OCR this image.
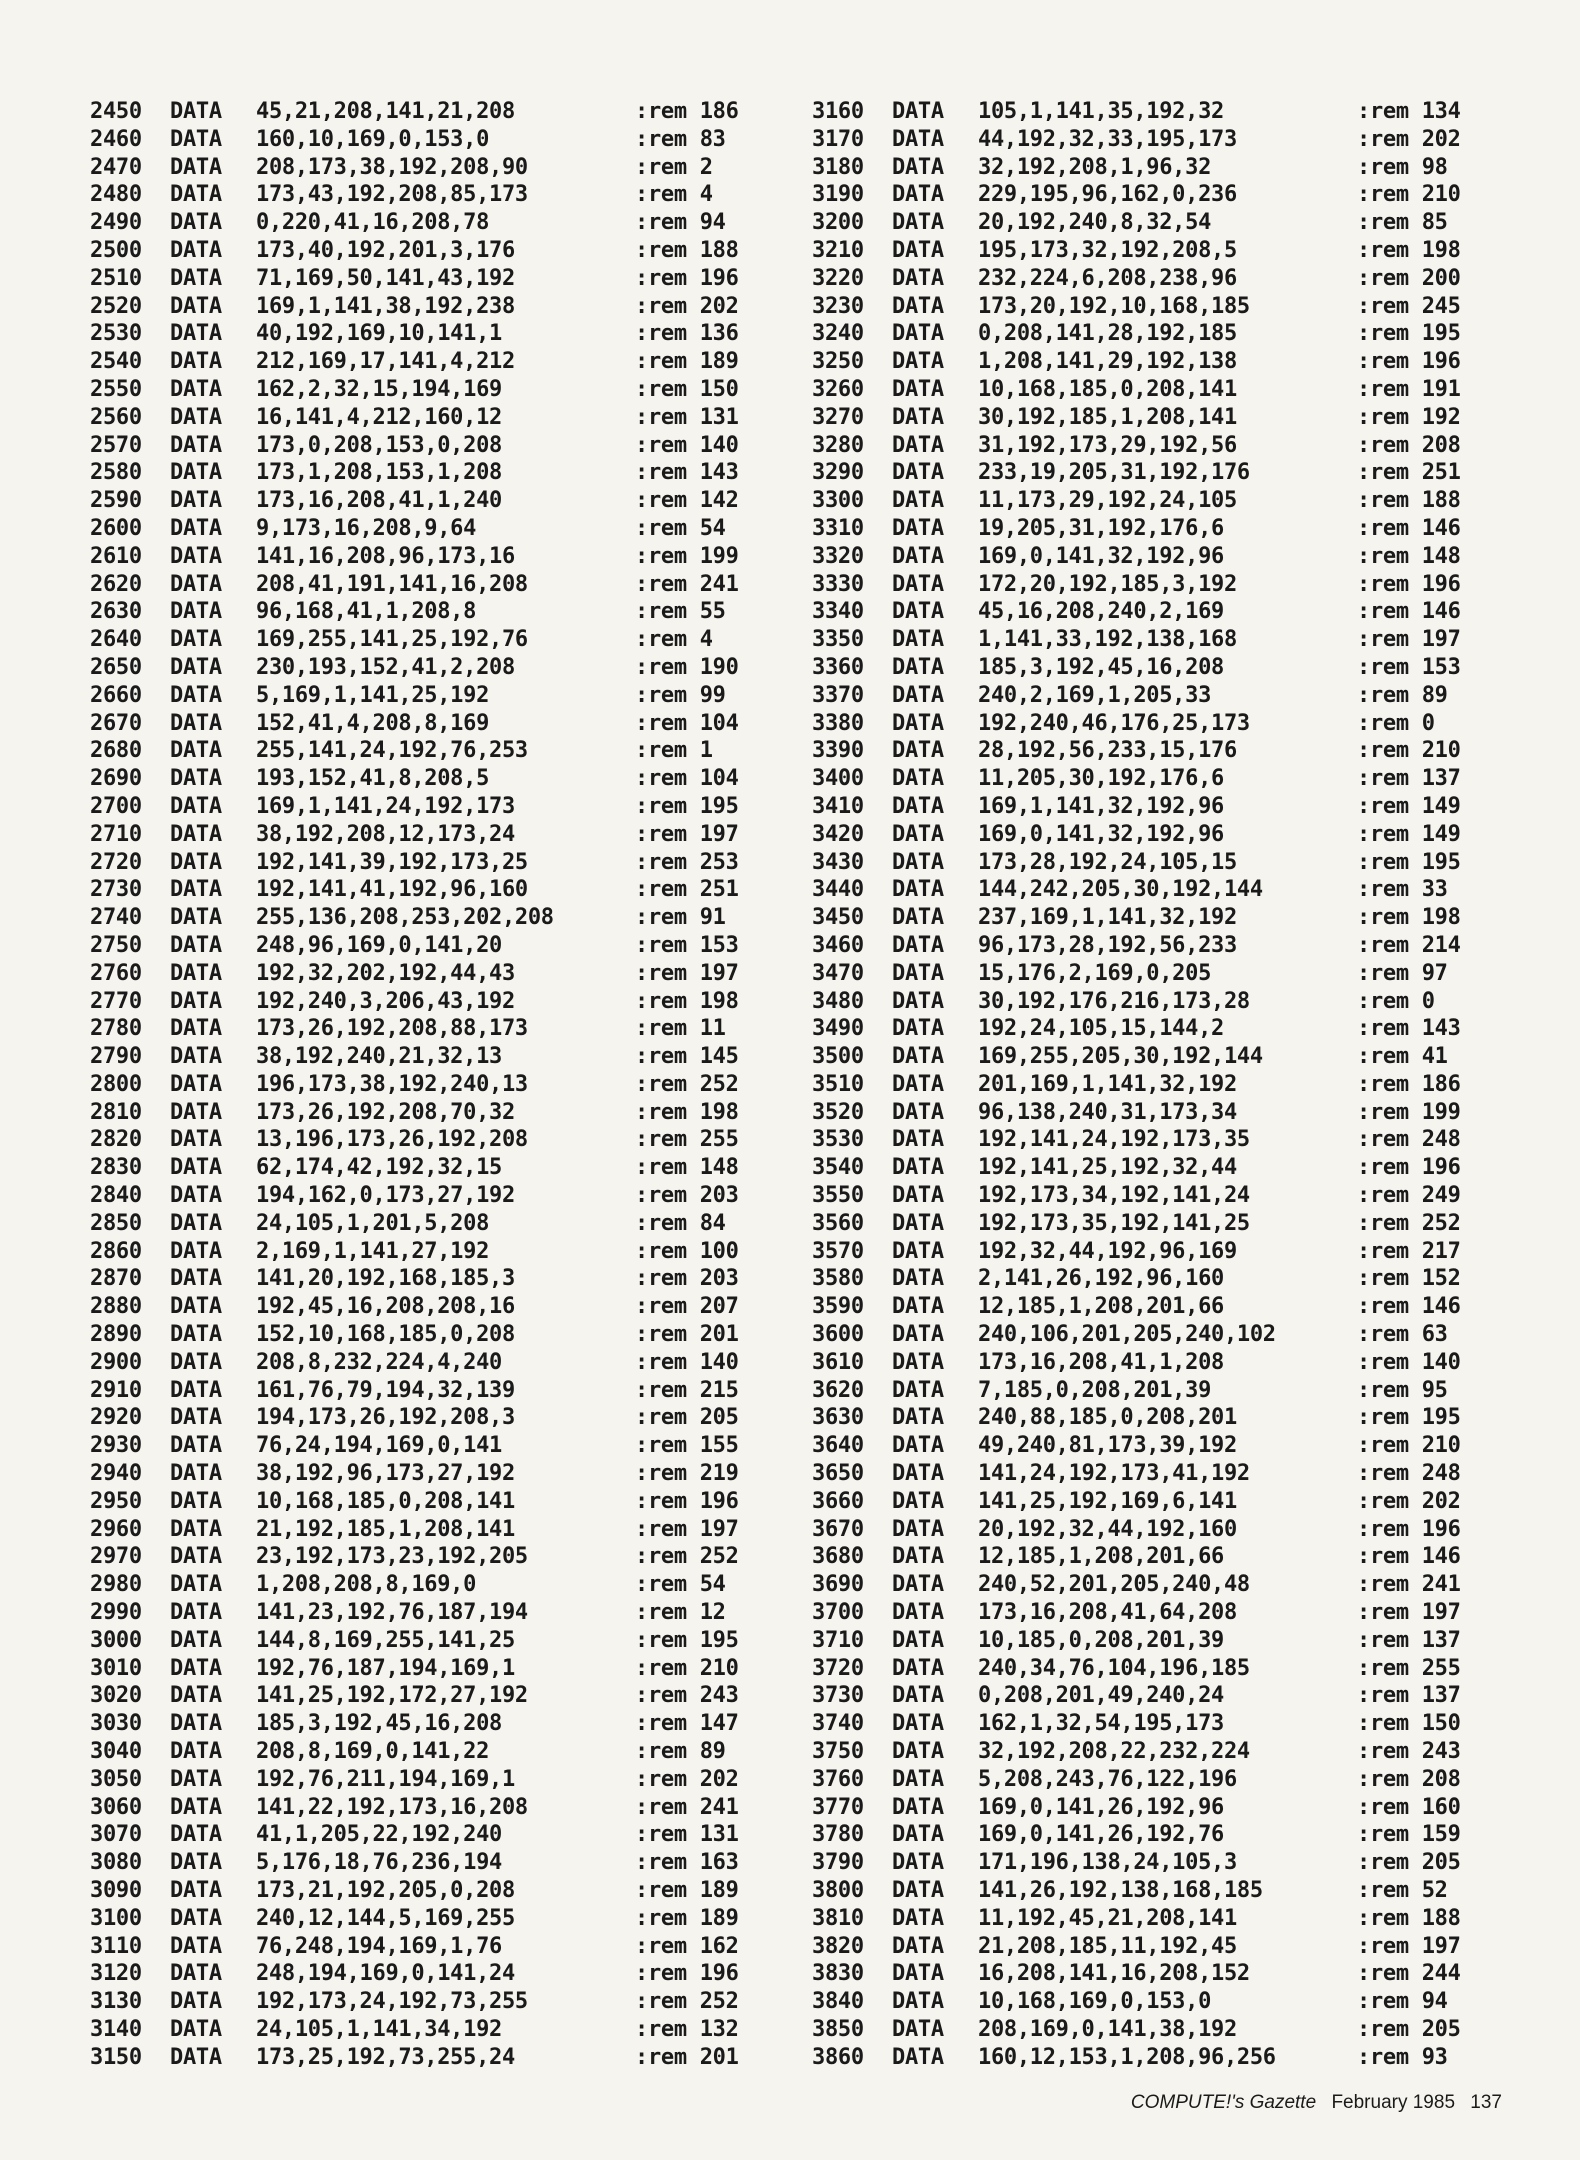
2450 DATA 45,21,208,141,21,208	:rem 186
2460 DATA 160,10,169,0,153,0	:rem 83
2470 DATA 208,173,38,192,208,90	:rem 2
2480 DATA 173,43,192,208,85,173	:rem 4
2490 DATA 0,220,41,16,208,78	:rem 94
2500 DATA 173,40,192,201,3,176	:rem 188
2510 DATA 71,169,50,141,43,192	:rem 196
2520 DATA 169,1,141,38,192,238	:rem 202
2530 DATA 40,192,169,10,141,1	:rem 136
2540 DATA 212,169,17,141,4,212	:rem 189
2550 DATA 162,2,32,15,194,169	:rem 150
2560 DATA 16,141,4,212,160,12	:rem 131
2570 DATA 173,0,208,153,0,208	:rem 140
2580 DATA 173,1,208,153,1,208	:rem 143
2590 DATA 173,16,208,41,1,240	:rem 142
2600 DATA 9,173,16,208,9,64	:rem 54
2610 DATA 141,16,208,96,173,16	:rem 199
2620 DATA 208,41,191,141,16,208	:rem 241
2630 DATA 96,168,41,1,208,8	:rem 55
2640 DATA 169,255,141,25,192,76	:rem 4
2650 DATA 230,193,152,41,2,208	:rem 190
2660 DATA 5,169,1,141,25,192	:rem 99
2670 DATA 152,41,4,208,8,169	:rem 104
2680 DATA 255,141,24,192,76,253	:rem 1
2690 DATA 193,152,41,8,208,5	:rem 104
2700 DATA 169,1,141,24,192,173	:rem 195
2710 DATA 38,192,208,12,173,24	:rem 197
2720 DATA 192,141,39,192,173,25	:rem 253
2730 DATA 192,141,41,192,96,160	:rem 251
2740 DATA 255,136,208,253,202,208	:rem 91
2750 DATA 248,96,169,0,141,20	:rem 153
2760 DATA 192,32,202,192,44,43	:rem 197
2770 DATA 192,240,3,206,43,192	:rem 198
2780 DATA 173,26,192,208,88,173	:rem 11
2790 DATA 38,192,240,21,32,13	:rem 145
2800 DATA 196,173,38,192,240,13	:rem 252
2810 DATA 173,26,192,208,70,32	:rem 198
2820 DATA 13,196,173,26,192,208	:rem 255
2830 DATA 62,174,42,192,32,15	:rem 148
2840 DATA 194,162,0,173,27,192	:rem 203
2850 DATA 24,105,1,201,5,208	:rem 84
2860 DATA 2,169,1,141,27,192	:rem 100
2870 DATA 141,20,192,168,185,3	:rem 203
2880 DATA 192,45,16,208,208,16	:rem 207
2890 DATA 152,10,168,185,0,208	:rem 201
2900 DATA 208,8,232,224,4,240	:rem 140
2910 DATA 161,76,79,194,32,139	:rem 215
2920 DATA 194,173,26,192,208,3	:rem 205
2930 DATA 76,24,194,169,0,141	:rem 155
2940 DATA 38,192,96,173,27,192	:rem 219
2950 DATA 10,168,185,0,208,141	:rem 196
2960 DATA 21,192,185,1,208,141	:rem 197
2970 DATA 23,192,173,23,192,205	:rem 252
2980 DATA 1,208,208,8,169,0	:rem 54
2990 DATA 141,23,192,76,187,194	:rem 12
3000 DATA 144,8,169,255,141,25	:rem 195
3010 DATA 192,76,187,194,169,1	:rem 210
3020 DATA 141,25,192,172,27,192	:rem 243
3030 DATA 185,3,192,45,16,208	:rem 147
3040 DATA 208,8,169,0,141,22	:rem 89
3050 DATA 192,76,211,194,169,1	:rem 202
3060 DATA 141,22,192,173,16,208	:rem 241
3070 DATA 41,1,205,22,192,240	:rem 131
3080 DATA 5,176,18,76,236,194	:rem 163
3090 DATA 173,21,192,205,0,208	:rem 189
3100 DATA 240,12,144,5,169,255	:rem 189
3110 DATA 76,248,194,169,1,76	:rem 162
3120 DATA 248,194,169,0,141,24	:rem 196
3130 DATA 192,173,24,192,73,255	:rem 252
3140 DATA 24,105,1,141,34,192	:rem 132
3150 DATA 173,25,192,73,255,24	:rem 201
3160 DATA 105,1,141,35,192,32	:rem 134
3170 DATA 44,192,32,33,195,173	:rem 202
3180 DATA 32,192,208,1,96,32	:rem 98
3190 DATA 229,195,96,162,0,236	:rem 210
3200 DATA 20,192,240,8,32,54	:rem 85
3210 DATA 195,173,32,192,208,5	:rem 198
3220 DATA 232,224,6,208,238,96	:rem 200
3230 DATA 173,20,192,10,168,185	:rem 245
3240 DATA 0,208,141,28,192,185	:rem 195
3250 DATA 1,208,141,29,192,138	:rem 196
3260 DATA 10,168,185,0,208,141	:rem 191
3270 DATA 30,192,185,1,208,141	:rem 192
3280 DATA 31,192,173,29,192,56	:rem 208
3290 DATA 233,19,205,31,192,176	:rem 251
3300 DATA 11,173,29,192,24,105	:rem 188
3310 DATA 19,205,31,192,176,6	:rem 146
3320 DATA 169,0,141,32,192,96	:rem 148
3330 DATA 172,20,192,185,3,192	:rem 196
3340 DATA 45,16,208,240,2,169	:rem 146
3350 DATA 1,141,33,192,138,168	:rem 197
3360 DATA 185,3,192,45,16,208	:rem 153
3370 DATA 240,2,169,1,205,33	:rem 89
3380 DATA 192,240,46,176,25,173	:rem 0
3390 DATA 28,192,56,233,15,176	:rem 210
3400 DATA 11,205,30,192,176,6	:rem 137
3410 DATA 169,1,141,32,192,96	:rem 149
3420 DATA 169,0,141,32,192,96	:rem 149
3430 DATA 173,28,192,24,105,15	:rem 195
3440 DATA 144,242,205,30,192,144	:rem 33
3450 DATA 237,169,1,141,32,192	:rem 198
3460 DATA 96,173,28,192,56,233	:rem 214
3470 DATA 15,176,2,169,0,205	:rem 97
3480 DATA 30,192,176,216,173,28	:rem 0
3490 DATA 192,24,105,15,144,2	:rem 143
3500 DATA 169,255,205,30,192,144	:rem 41
3510 DATA 201,169,1,141,32,192	:rem 186
3520 DATA 96,138,240,31,173,34	:rem 199
3530 DATA 192,141,24,192,173,35	:rem 248
3540 DATA 192,141,25,192,32,44	:rem 196
3550 DATA 192,173,34,192,141,24	:rem 249
3560 DATA 192,173,35,192,141,25	:rem 252
3570 DATA 192,32,44,192,96,169	:rem 217
3580 DATA 2,141,26,192,96,160	:rem 152
3590 DATA 12,185,1,208,201,66	:rem 146
3600 DATA 240,106,201,205,240,102	:rem 63
3610 DATA 173,16,208,41,1,208	:rem 140
3620 DATA 7,185,0,208,201,39	:rem 95
3630 DATA 240,88,185,0,208,201	:rem 195
3640 DATA 49,240,81,173,39,192	:rem 210
3650 DATA 141,24,192,173,41,192	:rem 248
3660 DATA 141,25,192,169,6,141	:rem 202
3670 DATA 20,192,32,44,192,160	:rem 196
3680 DATA 12,185,1,208,201,66	:rem 146
3690 DATA 240,52,201,205,240,48	:rem 241
3700 DATA 173,16,208,41,64,208	:rem 197
3710 DATA 10,185,0,208,201,39	:rem 137
3720 DATA 240,34,76,104,196,185	:rem 255
3730 DATA 0,208,201,49,240,24	:rem 137
3740 DATA 162,1,32,54,195,173	:rem 150
3750 DATA 32,192,208,22,232,224	:rem 243
3760 DATA 5,208,243,76,122,196	:rem 208
3770 DATA 169,0,141,26,192,96	:rem 160
3780 DATA 169,0,141,26,192,76	:rem 159
3790 DATA 171,196,138,24,105,3	:rem 205
3800 DATA 141,26,192,138,168,185	:rem 52
3810 DATA 11,192,45,21,208,141	:rem 188
3820 DATA 21,208,185,11,192,45	:rem 197
3830 DATA 16,208,141,16,208,152	:rem 244
3840 DATA 10,168,169,0,153,0	:rem 94
3850 DATA 208,169,0,141,38,192	:rem 205
3860 DATA 160,12,153,1,208,96,256	:rem 93
COMPUTE!'s Gazette February 1985 137
